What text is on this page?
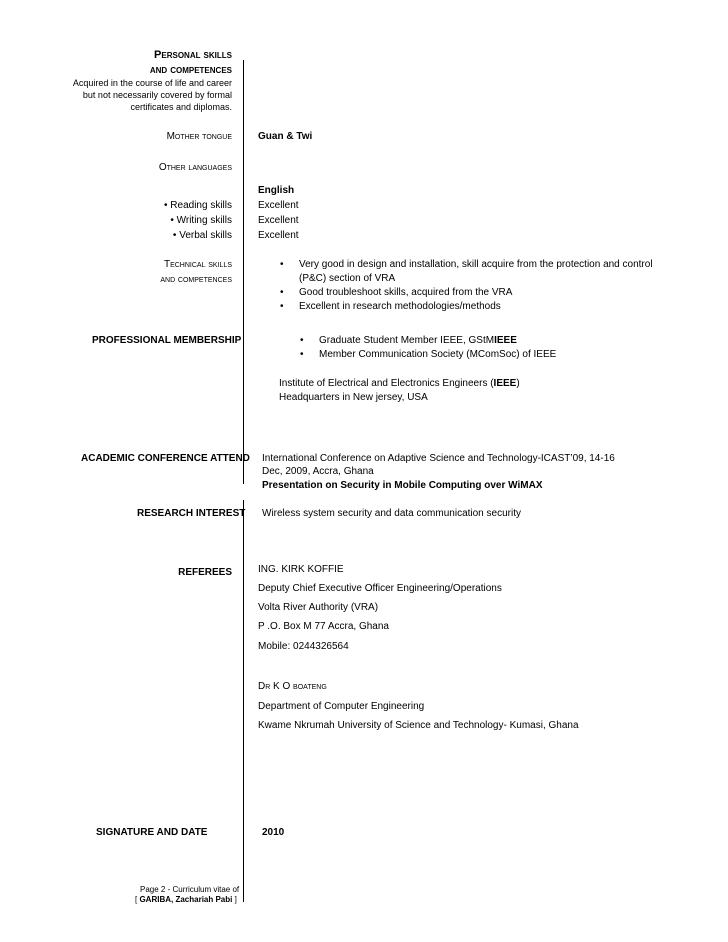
Personal skills
and competences
Acquired in the course of life and career
but not necessarily covered by formal
certificates and diplomas.
Mother tongue	Guan & Twi
Other languages
English
• Reading skills	Excellent
• Writing skills	Excellent
• Verbal skills	Excellent
Technical skills
and competences
• Very good in design and installation, skill acquire from the protection and control
(P&C) section of VRA
• Good troubleshoot skills, acquired from the VRA
• Excellent in research methodologies/methods
PROFESSIONAL MEMBERSHIP	• Graduate Student Member IEEE, GStMIEEE
• Member Communication Society (MComSoc) of IEEE
Institute of Electrical and Electronics Engineers (IEEE)
Headquarters in New jersey, USA
ACADEMIC CONFERENCE ATTEND International Conference on Adaptive Science and Technology-ICAST’09, 14-16
Dec, 2009, Accra, Ghana
Presentation on Security in Mobile Computing over WiMAX
RESEARCH INTEREST Wireless system security and data communication security
REFEREES	ING. KIRK KOFFIE
Deputy Chief Executive Officer Engineering/Operations
Volta River Authority (VRA)
P .O. Box M 77 Accra, Ghana
Mobile: 0244326564
Dr K O boateng
Department of Computer Engineering
Kwame Nkrumah University of Science and Technology- Kumasi, Ghana
SIGNATURE AND DATE	2010
Page 2 - Curriculum vitae of
[ GARIBA, Zachariah Pabi ]
